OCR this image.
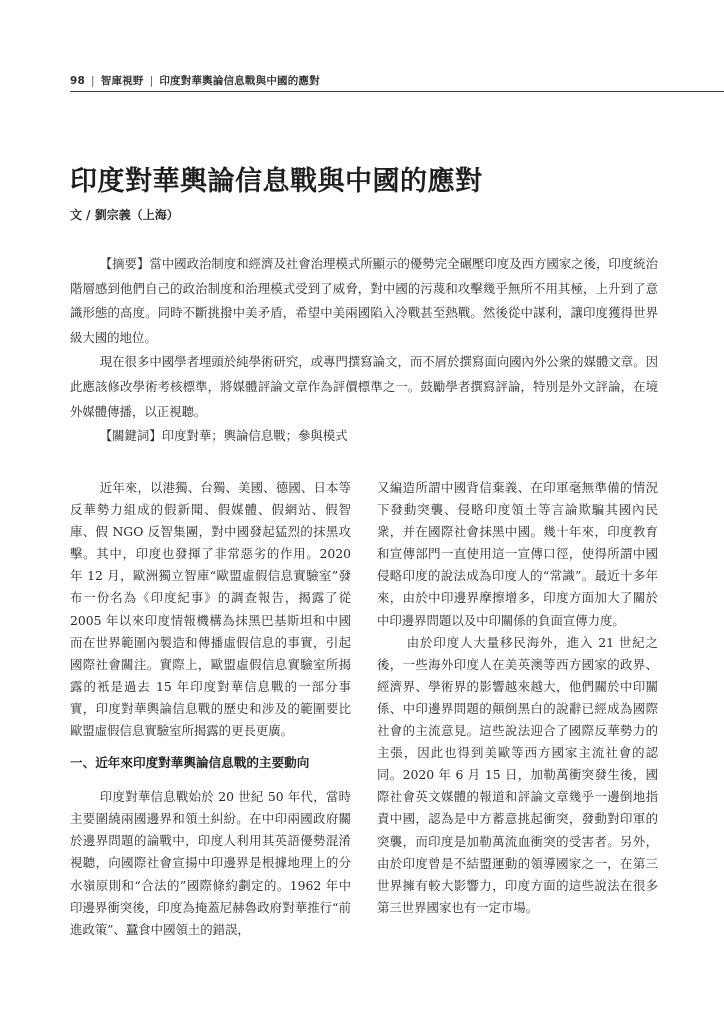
98 | 智庫視野 | 印度對華輿論信息戰與中國的應對
印度對華輿論信息戰與中國的應對
文 / 劉宗義（上海）

【摘要】當中國政治制度和經濟及社會治理模式所顯示的優勢完全碾壓印度及西方國家之後，印度統治階層感到他們自己的政治制度和治理模式受到了威脅，對中國的污蔑和攻擊幾乎無所不用其極，上升到了意識形態的高度。同時不斷挑撥中美矛盾，希望中美兩國陷入冷戰甚至熱戰。然後從中謀利，讓印度獲得世界級大國的地位。

現在很多中國學者埋頭於純學術研究，或專門撰寫論文，而不屑於撰寫面向國內外公衆的媒體文章。因此應該修改學術考核標準，將媒體評論文章作為評價標準之一。鼓勵學者撰寫評論，特別是外文評論，在境外媒體傳播，以正視聽。

【關鍵詞】印度對華；輿論信息戰；參與模式

近年來，以港獨、台獨、美國、德國、日本等反華勢力組成的假新聞、假媒體、假網站、假智庫、假 NGO 反智集團，對中國發起猛烈的抹黑攻擊。其中，印度也發揮了非常惡劣的作用。2020 年 12 月，歐洲獨立智庫“歐盟虛假信息實驗室”發布一份名為《印度紀事》的調查報告，揭露了從 2005 年以來印度情報機構為抹黑巴基斯坦和中國而在世界範圍內製造和傳播虛假信息的事實，引起國際社會關注。實際上，歐盟虛假信息實驗室所揭露的衹是過去 15 年印度對華信息戰的一部分事實，印度對華輿論信息戰的歷史和涉及的範圍要比歐盟虛假信息實驗室所揭露的更長更廣。

一、近年來印度對華輿論信息戰的主要動向

印度對華信息戰始於 20 世紀 50 年代，當時主要圍繞兩國邊界和領土糾紛。在中印兩國政府關於邊界問題的論戰中，印度人利用其英語優勢混淆視聽，向國際社會宣揚中印邊界是根據地理上的分水嶺原則和“合法的”國際條約劃定的。1962 年中印邊界衝突後，印度為掩蓋尼赫魯政府對華推行“前進政策”、蠶食中國領土的錯誤，

又編造所謂中國背信棄義、在印軍毫無準備的情況下發動突襲、侵略印度領土等言論欺騙其國內民衆，并在國際社會抹黑中國。幾十年來，印度教育和宣傳部門一直使用這一宣傳口徑，使得所謂中國侵略印度的說法成為印度人的“常識”。最近十多年來，由於中印邊界摩擦增多，印度方面加大了關於中印邊界問題以及中印關係的負面宣傳力度。

由於印度人大量移民海外，進入 21 世紀之後，一些海外印度人在美英澳等西方國家的政界、經濟界、學術界的影響越來越大，他們關於中印關係、中印邊界問題的顛倒黑白的說辭已經成為國際社會的主流意見。這些說法迎合了國際反華勢力的主張，因此也得到美歐等西方國家主流社會的認同。2020 年 6 月 15 日，加勒萬衝突發生後，國際社會英文媒體的報道和評論文章幾乎一邊倒地指責中國，認為是中方蓄意挑起衝突，發動對印軍的突襲，而印度是加勒萬流血衝突的受害者。另外，由於印度曾是不結盟運動的領導國家之一，在第三世界擁有較大影響力，印度方面的這些說法在很多第三世界國家也有一定市場。
